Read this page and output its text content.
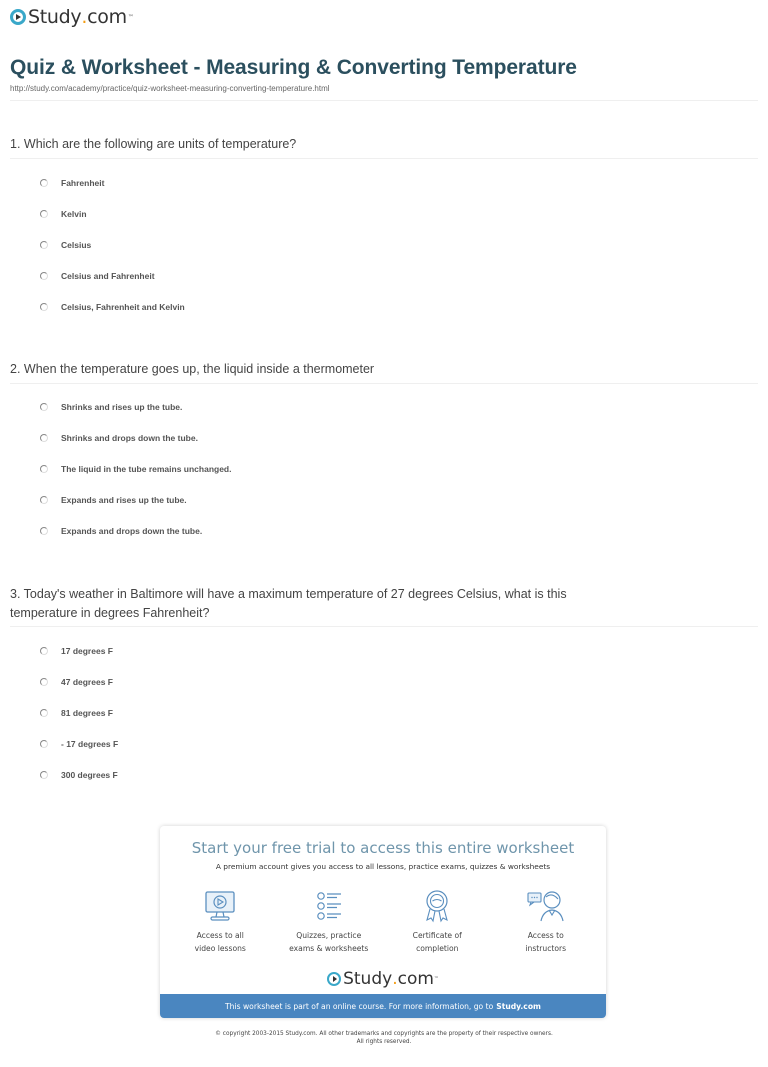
Study . com ™
Quiz & Worksheet - Measuring & Converting Temperature
http://study.com/academy/practice/quiz-worksheet-measuring-converting-temperature.html
1. Which are the following are units of temperature?
Fahrenheit
Kelvin
Celsius
Celsius and Fahrenheit
Celsius, Fahrenheit and Kelvin
2. When the temperature goes up, the liquid inside a thermometer
Shrinks and rises up the tube.
Shrinks and drops down the tube.
The liquid in the tube remains unchanged.
Expands and rises up the tube.
Expands and drops down the tube.
3. Today's weather in Baltimore will have a maximum temperature of 27 degrees Celsius, what is this
temperature in degrees Fahrenheit?
17 degrees F
47 degrees F
81 degrees F
- 17 degrees F
300 degrees F
Start your free trial to access this entire worksheet
A premium account gives you access to all lessons, practice exams, quizzes & worksheets
Access to all
video lessons
Quizzes, practice
exams & worksheets
Certificate of
completion
Access to
instructors
Study . com ™
This worksheet is part of an online course. For more information, go to Study.com
© copyright 2003-2015 Study.com. All other trademarks and copyrights are the property of their respective owners.
All rights reserved.
